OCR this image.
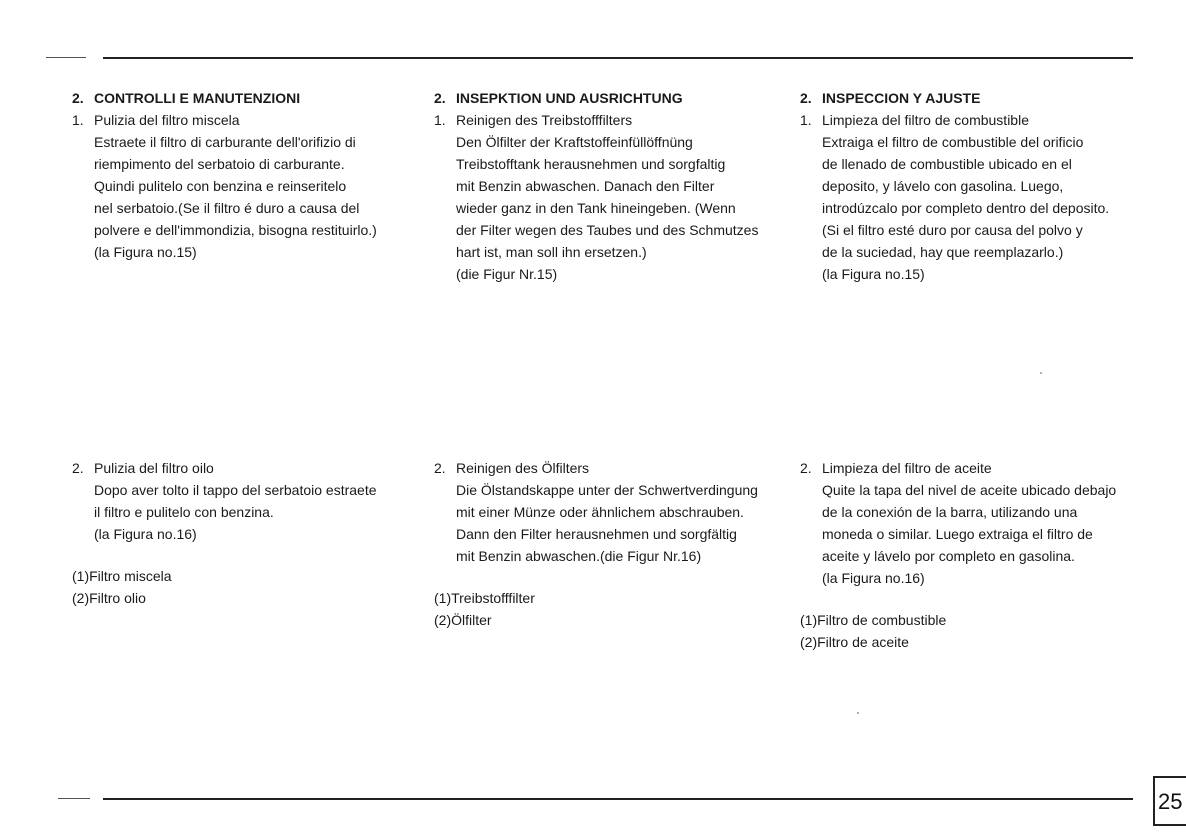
25
2. CONTROLLI E MANUTENZIONI
1. Pulizia del filtro miscela
Estraete il filtro di carburante dell'orifizio di
riempimento del serbatoio di carburante.
Quindi pulitelo con benzina e reinseritelo
nel serbatoio.(Se il filtro é duro a causa del
polvere e dell'immondizia, bisogna restituirlo.)
(la Figura no.15)
2. Pulizia del filtro oilo
Dopo aver tolto il tappo del serbatoio estraete
il filtro e pulitelo con benzina.
(la Figura no.16)
(1)Filtro miscela
(2)Filtro olio
2. INSEPKTION UND AUSRICHTUNG
1. Reinigen des Treibstofffilters
Den Ölfilter der Kraftstoffeinfüllöffnüng
Treibstofftank herausnehmen und sorgfaltig
mit Benzin abwaschen. Danach den Filter
wieder ganz in den Tank hineingeben. (Wenn
der Filter wegen des Taubes und des Schmutzes
hart ist, man soll ihn ersetzen.)
(die Figur Nr.15)
2. Reinigen des Ölfilters
Die Ölstandskappe unter der Schwertverdingung
mit einer Münze oder ähnlichem abschrauben.
Dann den Filter herausnehmen und sorgfältig
mit Benzin abwaschen.(die Figur Nr.16)
(1)Treibstofffilter
(2)Ölfilter
2. INSPECCION Y AJUSTE
1. Limpieza del filtro de combustible
Extraiga el filtro de combustible del orificio
de llenado de combustible ubicado en el
deposito, y lávelo con gasolina. Luego,
introdúzcalo por completo dentro del deposito.
(Si el filtro esté duro por causa del polvo y
de la suciedad, hay que reemplazarlo.)
(la Figura no.15)
2. Limpieza del filtro de aceite
Quite la tapa del nivel de aceite ubicado debajo
de la conexión de la barra, utilizando una
moneda o similar. Luego extraiga el filtro de
aceite y lávelo por completo en gasolina.
(la Figura no.16)
(1)Filtro de combustible
(2)Filtro de aceite
